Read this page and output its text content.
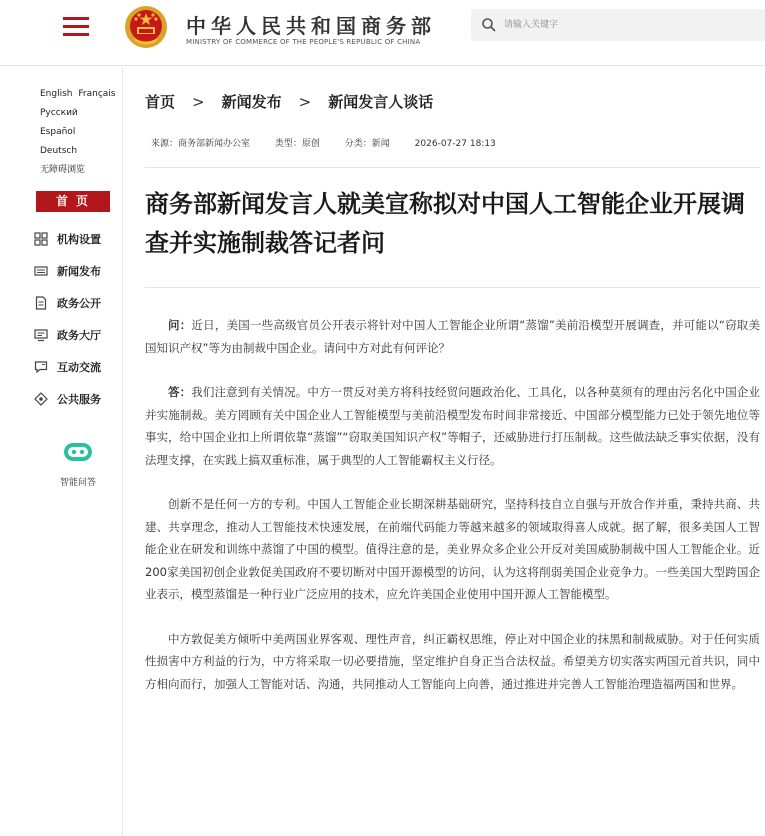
中华人民共和国商务部
MINISTRY OF COMMERCE OF THE PEOPLE'S REPUBLIC OF CHINA
请输入关键字
English Français
Русский Español
Deutsch
无障碍浏览
首页
机构设置
新闻发布
政务公开
政务大厅
互动交流
公共服务
智能问答
首页 > 新闻发布 > 新闻发言人谈话
来源：商务部新闻办公室	类型：原创	分类：新闻	2026-07-27 18:13
商务部新闻发言人就美宣称拟对中国人工智能企业开展调查并实施制裁答记者问

问：近日，美国一些高级官员公开表示将针对中国人工智能企业所谓“蒸馏”美前沿模型开展调查，并可能以“窃取美国知识产权”等为由制裁中国企业。请问中方对此有何评论？

答：我们注意到有关情况。中方一贯反对美方将科技经贸问题政治化、工具化，以各种莫须有的理由污名化中国企业并实施制裁。美方罔顾有关中国企业人工智能模型与美前沿模型发布时间非常接近、中国部分模型能力已处于领先地位等事实，给中国企业扣上所谓依靠“蒸馏”“窃取美国知识产权”等帽子，还威胁进行打压制裁。这些做法缺乏事实依据，没有法理支撑，在实践上搞双重标准，属于典型的人工智能霸权主义行径。

创新不是任何一方的专利。中国人工智能企业长期深耕基础研究，坚持科技自立自强与开放合作并重，秉持共商、共建、共享理念，推动人工智能技术快速发展，在前端代码能力等越来越多的领域取得喜人成就。据了解，很多美国人工智能企业在研发和训练中蒸馏了中国的模型。值得注意的是，美业界众多企业公开反对美国威胁制裁中国人工智能企业。近200家美国初创企业敦促美国政府不要切断对中国开源模型的访问，认为这将削弱美国企业竞争力。一些美国大型跨国企业表示，模型蒸馏是一种行业广泛应用的技术，应允许美国企业使用中国开源人工智能模型。

中方敦促美方倾听中美两国业界客观、理性声音，纠正霸权思维，停止对中国企业的抹黑和制裁威胁。对于任何实质性损害中方利益的行为，中方将采取一切必要措施，坚定维护自身正当合法权益。希望美方切实落实两国元首共识，同中方相向而行，加强人工智能对话、沟通，共同推动人工智能向上向善，通过推进并完善人工智能治理造福两国和世界。
